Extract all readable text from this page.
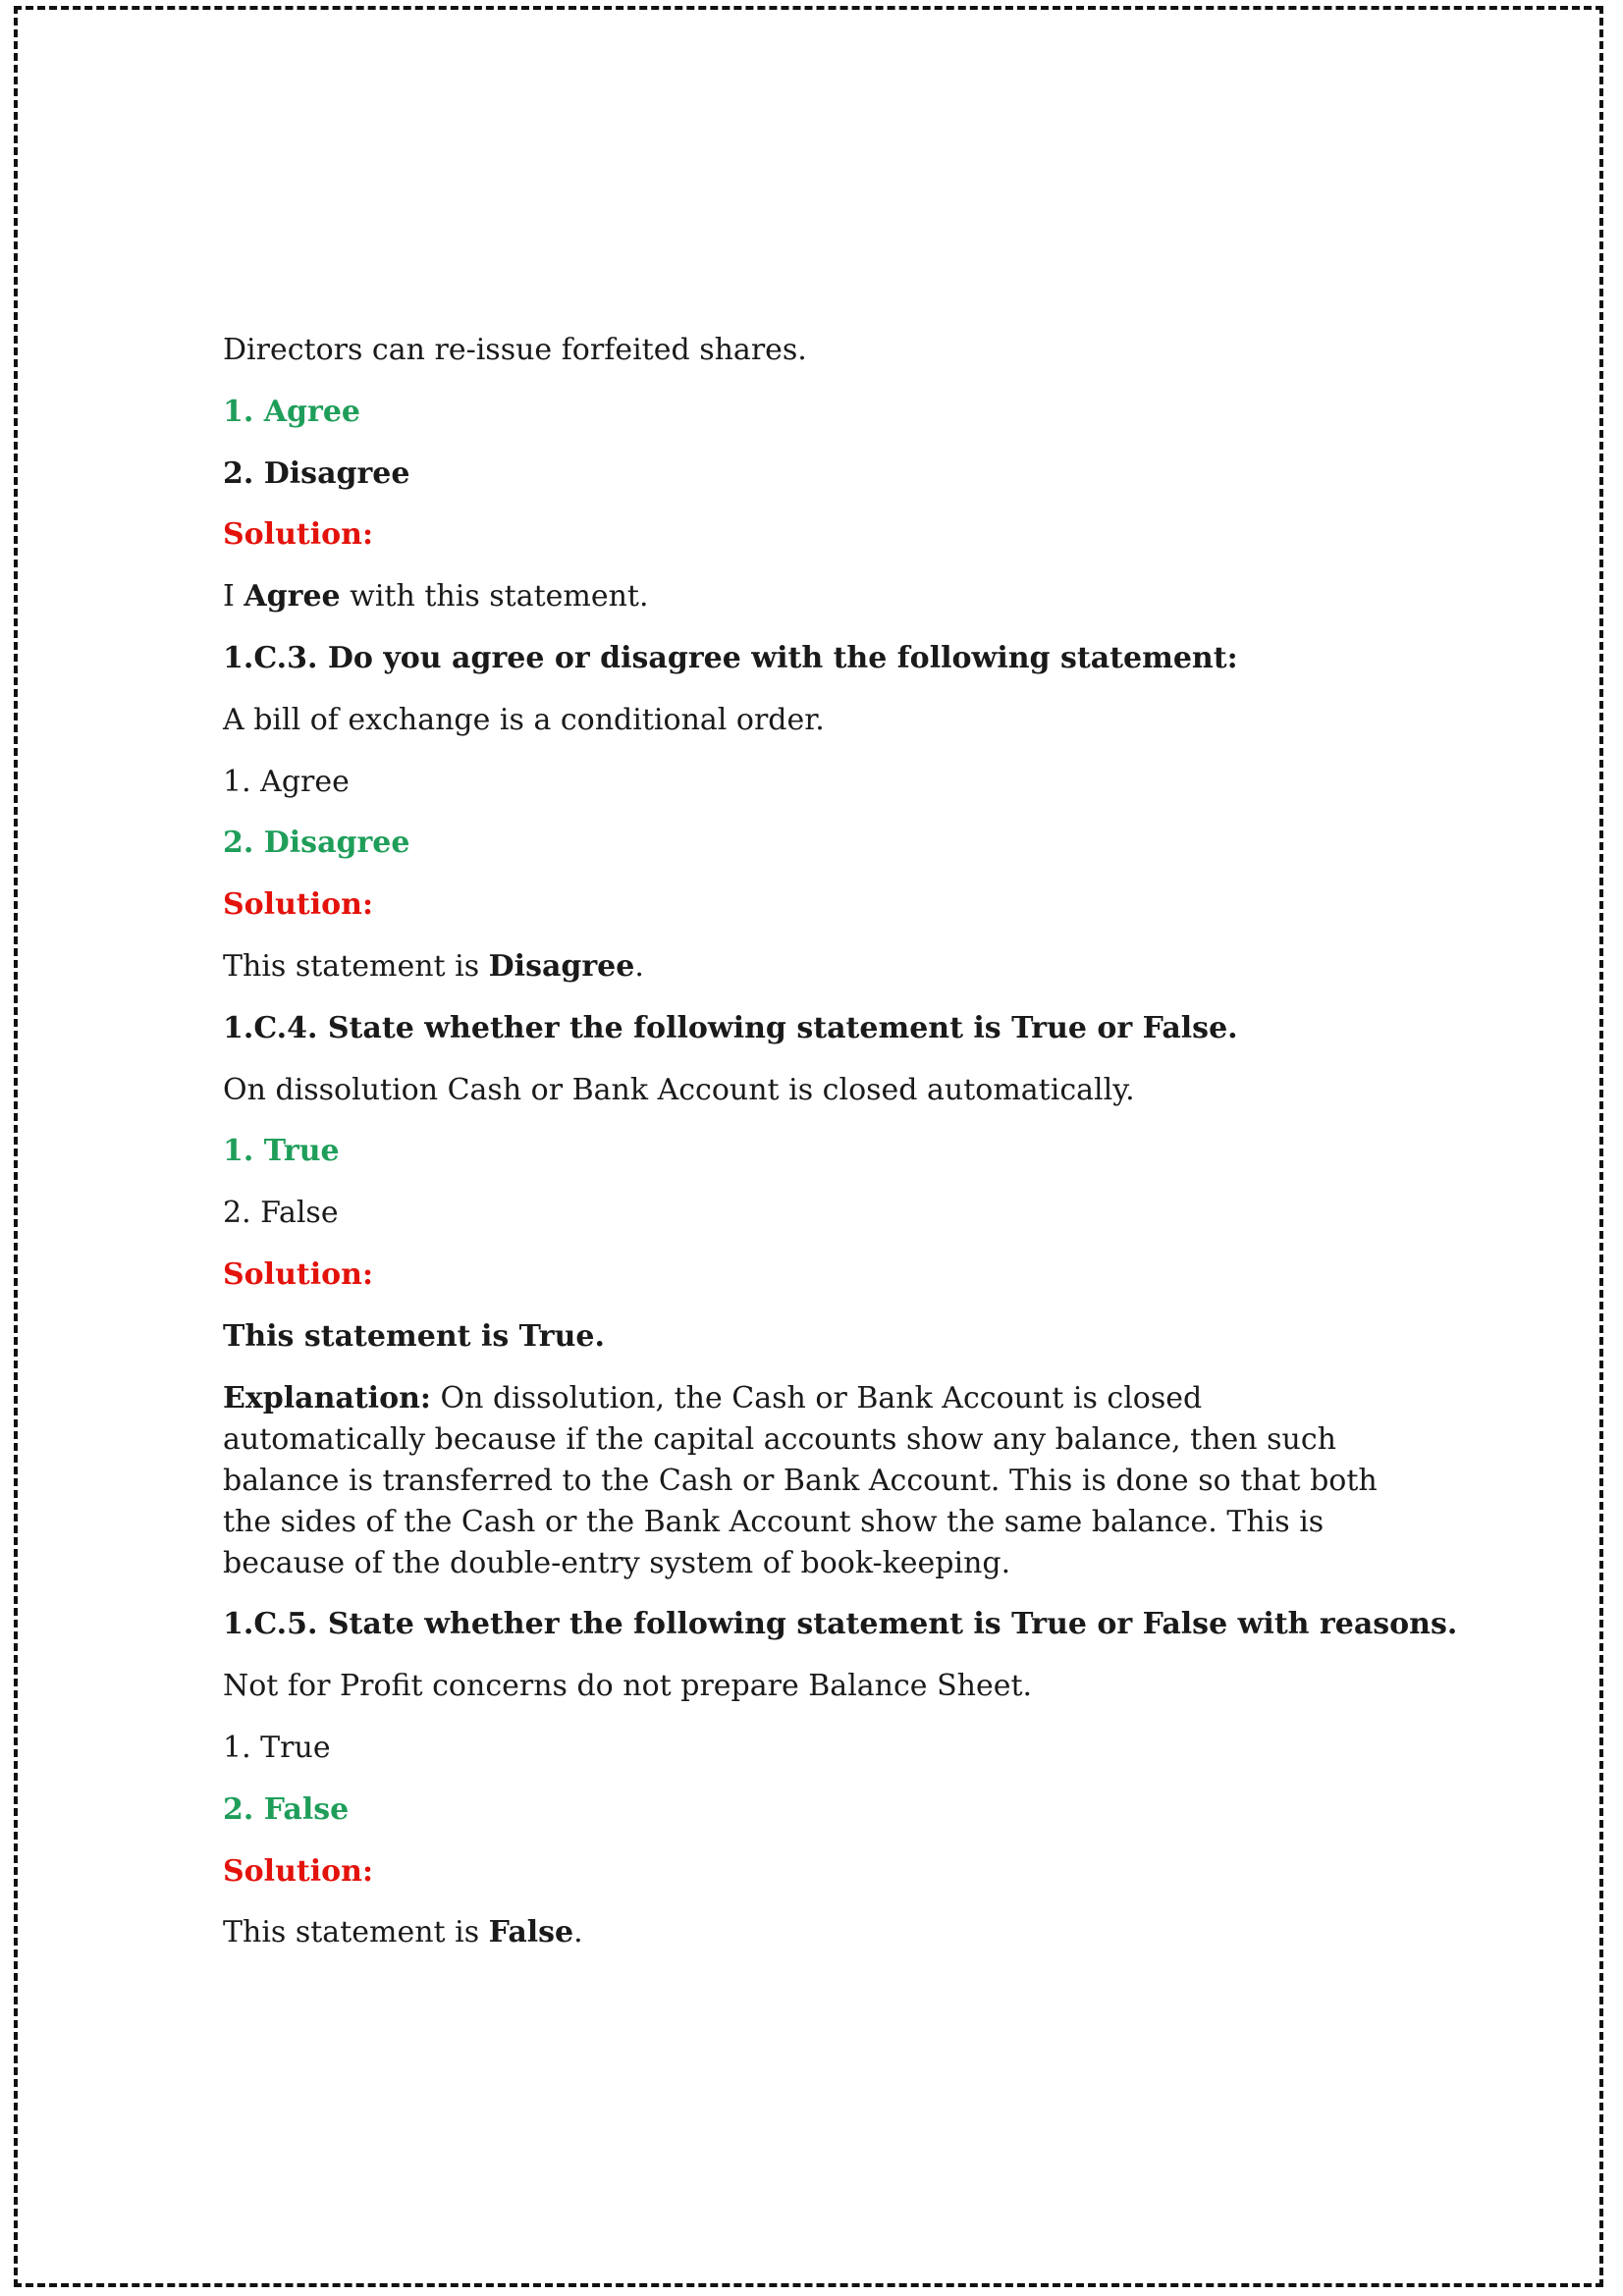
Directors can re-issue forfeited shares.

1. Agree

2. Disagree

Solution:

I Agree with this statement.

1.C.3. Do you agree or disagree with the following statement:

A bill of exchange is a conditional order.

1. Agree

2. Disagree

Solution:

This statement is Disagree.

1.C.4. State whether the following statement is True or False.

On dissolution Cash or Bank Account is closed automatically.

1. True

2. False

Solution:

This statement is True.

Explanation: On dissolution, the Cash or Bank Account is closed automatically because if the capital accounts show any balance, then such balance is transferred to the Cash or Bank Account. This is done so that both the sides of the Cash or the Bank Account show the same balance. This is because of the double-entry system of book-keeping.

1.C.5. State whether the following statement is True or False with reasons.

Not for Profit concerns do not prepare Balance Sheet.

1. True

2. False

Solution:

This statement is False.
